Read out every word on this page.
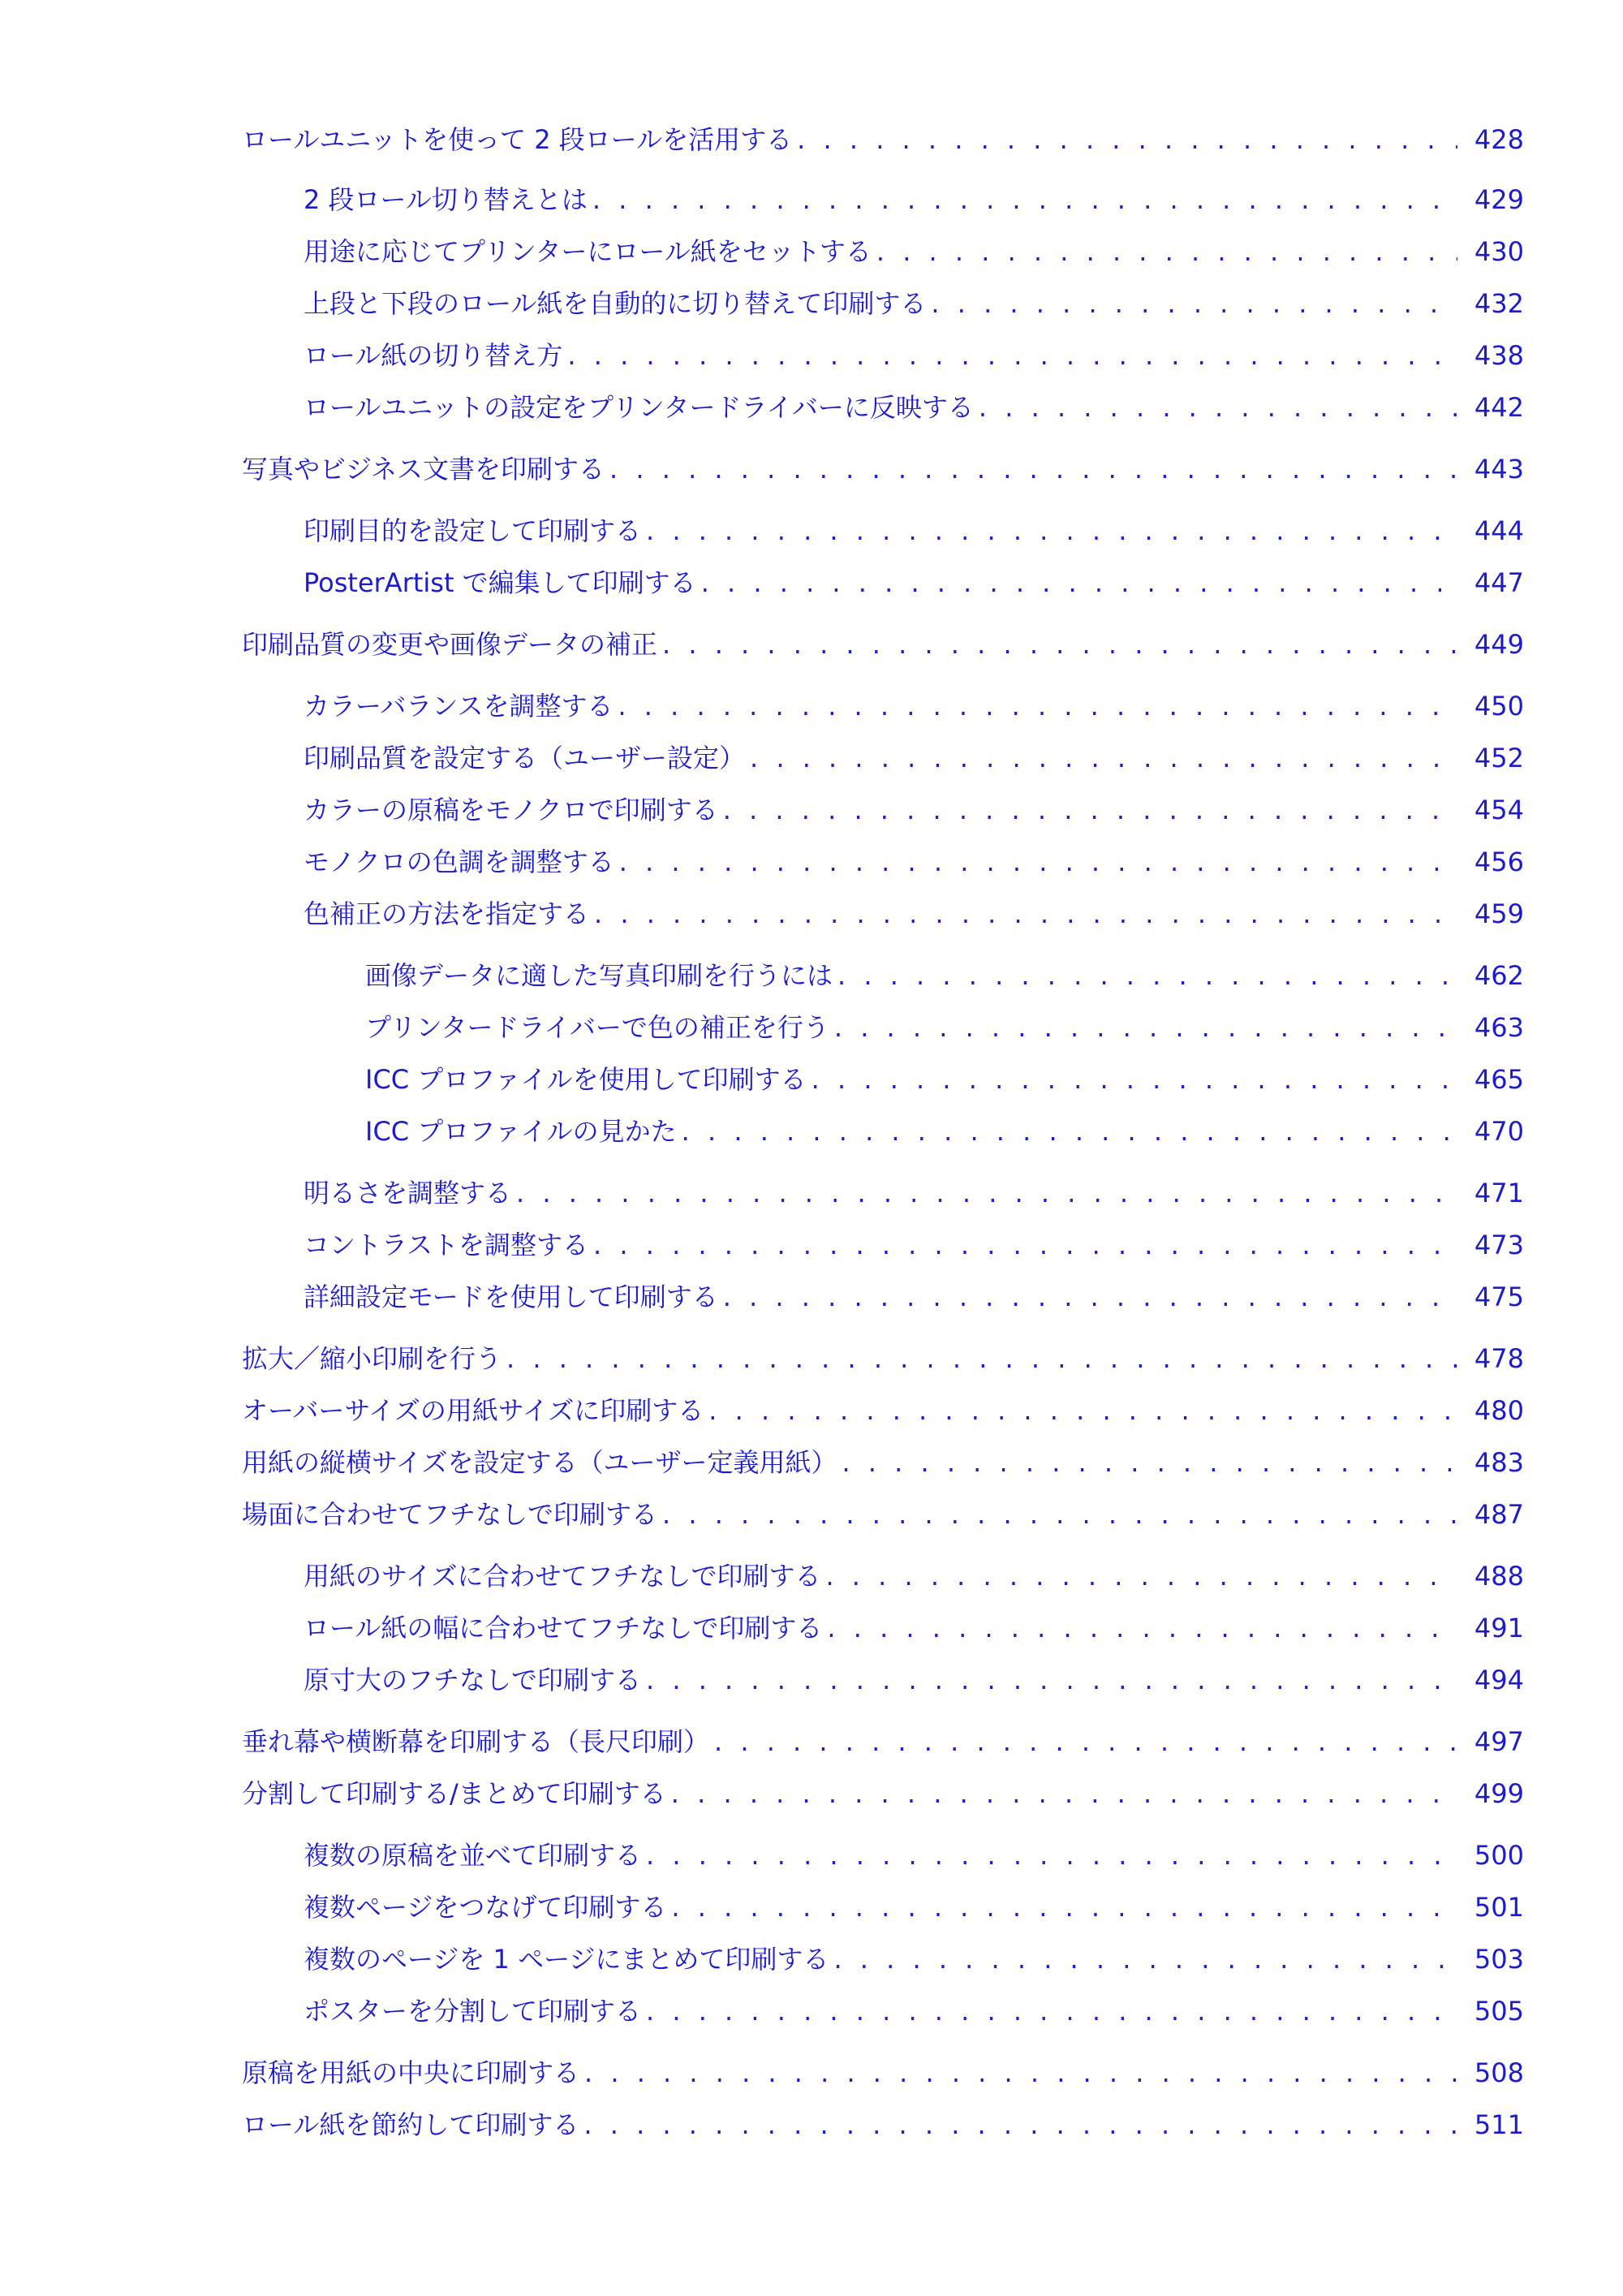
ロールユニットを使って 2 段ロールを活用する . . .	428
2 段ロール切り替えとは . . .	429
用途に応じてプリンターにロール紙をセットする . . .	430
上段と下段のロール紙を自動的に切り替えて印刷する . . .	432
ロール紙の切り替え方 . . .	438
ロールユニットの設定をプリンタードライバーに反映する . . .	442
写真やビジネス文書を印刷する . . .	443
印刷目的を設定して印刷する . . .	444
PosterArtist で編集して印刷する . . .	447
印刷品質の変更や画像データの補正 . . .	449
カラーバランスを調整する . . .	450
印刷品質を設定する（ユーザー設定） . . .	452
カラーの原稿をモノクロで印刷する . . .	454
モノクロの色調を調整する . . .	456
色補正の方法を指定する . . .	459
画像データに適した写真印刷を行うには . . .	462
プリンタードライバーで色の補正を行う . . .	463
ICC プロファイルを使用して印刷する . . .	465
ICC プロファイルの見かた . . .	470
明るさを調整する . . .	471
コントラストを調整する . . .	473
詳細設定モードを使用して印刷する . . .	475
拡大／縮小印刷を行う . . .	478
オーバーサイズの用紙サイズに印刷する . . .	480
用紙の縦横サイズを設定する（ユーザー定義用紙） . . .	483
場面に合わせてフチなしで印刷する . . .	487
用紙のサイズに合わせてフチなしで印刷する . . .	488
ロール紙の幅に合わせてフチなしで印刷する . . .	491
原寸大のフチなしで印刷する . . .	494
垂れ幕や横断幕を印刷する（長尺印刷） . . .	497
分割して印刷する/まとめて印刷する . . .	499
複数の原稿を並べて印刷する . . .	500
複数ページをつなげて印刷する . . .	501
複数のページを 1 ページにまとめて印刷する . . .	503
ポスターを分割して印刷する . . .	505
原稿を用紙の中央に印刷する . . .	508
ロール紙を節約して印刷する . . .	511
